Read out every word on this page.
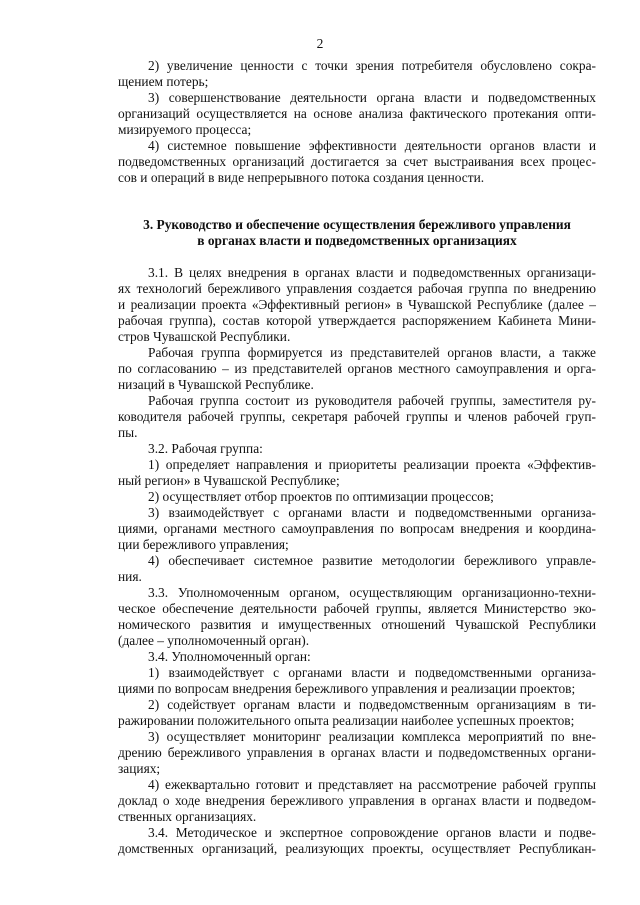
2

2) увеличение ценности с точки зрения потребителя обусловлено сокра-
щением потерь;

3) совершенствование деятельности органа власти и подведомственных
организаций осуществляется на основе анализа фактического протекания опти-
мизируемого процесса;

4) системное повышение эффективности деятельности органов власти и
подведомственных организаций достигается за счет выстраивания всех процес-
сов и операций в виде непрерывного потока создания ценности.

3. Руководство и обеспечение осуществления бережливого управления
в органах власти и подведомственных организациях

3.1. В целях внедрения в органах власти и подведомственных организаци-
ях технологий бережливого управления создается рабочая группа по внедрению
и реализации проекта «Эффективный регион» в Чувашской Республике (далее –
рабочая группа), состав которой утверждается распоряжением Кабинета Мини-
стров Чувашской Республики.

Рабочая группа формируется из представителей органов власти, а также
по согласованию – из представителей органов местного самоуправления и орга-
низаций в Чувашской Республике.

Рабочая группа состоит из руководителя рабочей группы, заместителя ру-
ководителя рабочей группы, секретаря рабочей группы и членов рабочей груп-
пы.

3.2. Рабочая группа:

1) определяет направления и приоритеты реализации проекта «Эффектив-
ный регион» в Чувашской Республике;

2) осуществляет отбор проектов по оптимизации процессов;

3) взаимодействует с органами власти и подведомственными организа-
циями, органами местного самоуправления по вопросам внедрения и координа-
ции бережливого управления;

4) обеспечивает системное развитие методологии бережливого управле-
ния.

3.3. Уполномоченным органом, осуществляющим организационно-техни-
ческое обеспечение деятельности рабочей группы, является Министерство эко-
номического развития и имущественных отношений Чувашской Республики
(далее – уполномоченный орган).

3.4. Уполномоченный орган:

1) взаимодействует с органами власти и подведомственными организа-
циями по вопросам внедрения бережливого управления и реализации проектов;

2) содействует органам власти и подведомственным организациям в ти-
ражировании положительного опыта реализации наиболее успешных проектов;

3) осуществляет мониторинг реализации комплекса мероприятий по вне-
дрению бережливого управления в органах власти и подведомственных органи-
зациях;

4) ежеквартально готовит и представляет на рассмотрение рабочей группы
доклад о ходе внедрения бережливого управления в органах власти и подведом-
ственных организациях.

3.4. Методическое и экспертное сопровождение органов власти и подве-
домственных организаций, реализующих проекты, осуществляет Республикан-
